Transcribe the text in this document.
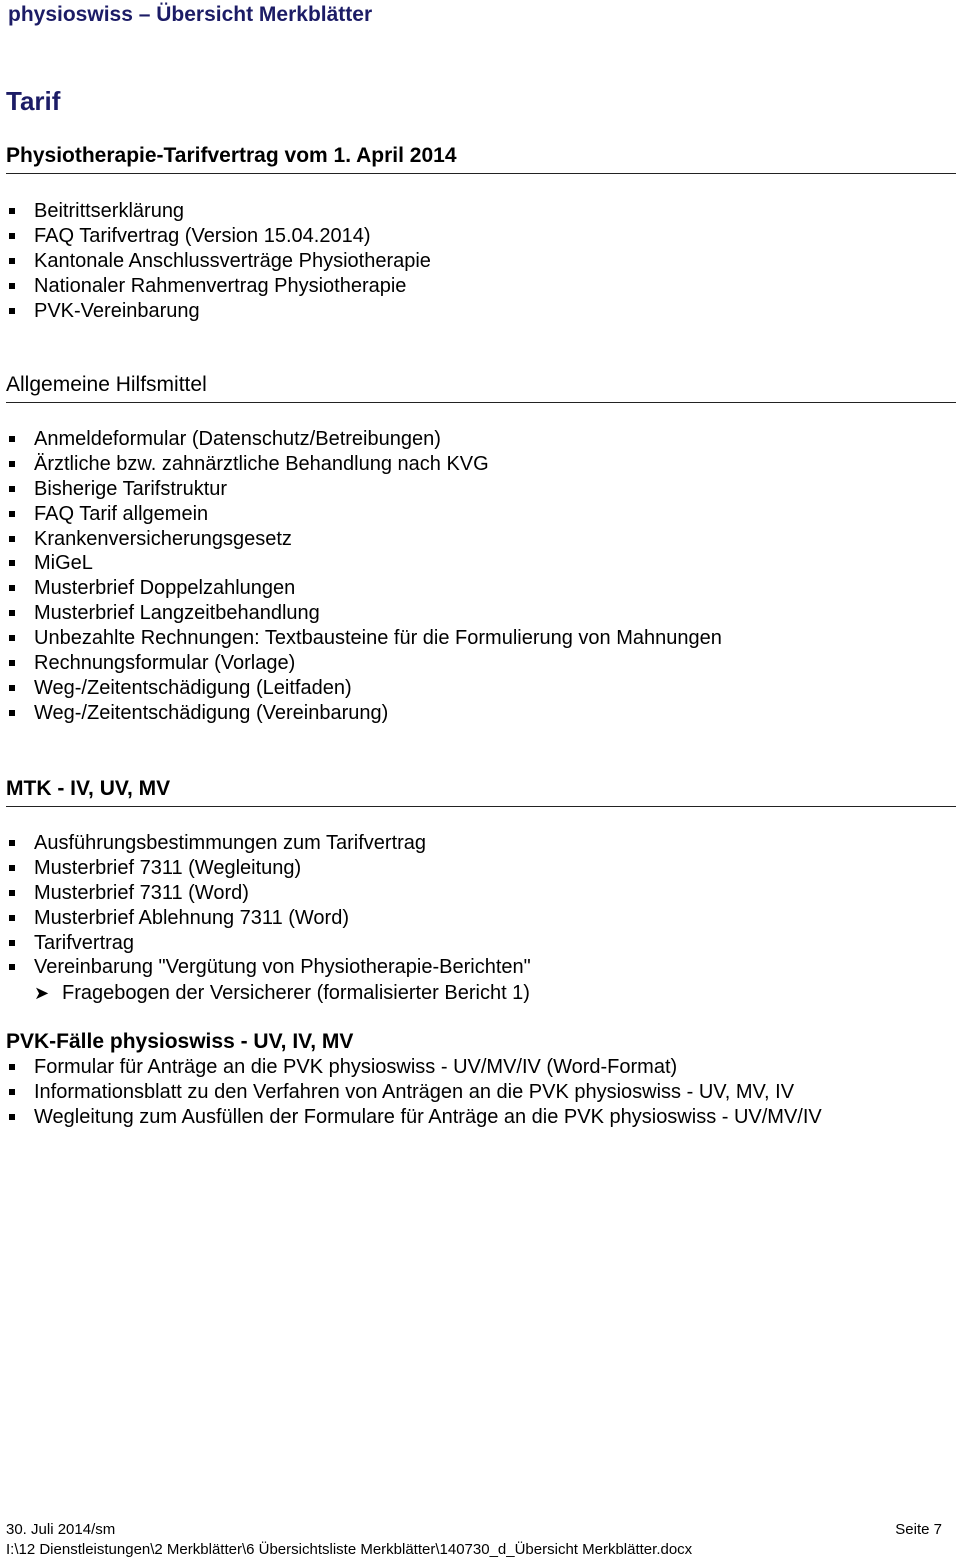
physioswiss – Übersicht Merkblätter
Tarif
Physiotherapie-Tarifvertrag vom 1. April 2014
Beitrittserklärung
FAQ Tarifvertrag (Version 15.04.2014)
Kantonale Anschlussverträge Physiotherapie
Nationaler Rahmenvertrag Physiotherapie
PVK-Vereinbarung
Allgemeine Hilfsmittel
Anmeldeformular (Datenschutz/Betreibungen)
Ärztliche bzw. zahnärztliche Behandlung nach KVG
Bisherige Tarifstruktur
FAQ Tarif allgemein
Krankenversicherungsgesetz
MiGeL
Musterbrief Doppelzahlungen
Musterbrief Langzeitbehandlung
Unbezahlte Rechnungen: Textbausteine für die Formulierung von Mahnungen
Rechnungsformular (Vorlage)
Weg-/Zeitentschädigung (Leitfaden)
Weg-/Zeitentschädigung (Vereinbarung)
MTK - IV, UV, MV
Ausführungsbestimmungen zum Tarifvertrag
Musterbrief 7311 (Wegleitung)
Musterbrief 7311 (Word)
Musterbrief Ablehnung 7311 (Word)
Tarifvertrag
Vereinbarung "Vergütung von Physiotherapie-Berichten"
➤ Fragebogen der Versicherer (formalisierter Bericht 1)
PVK-Fälle physioswiss - UV, IV, MV
Formular für Anträge an die PVK physioswiss - UV/MV/IV (Word-Format)
Informationsblatt zu den Verfahren von Anträgen an die PVK physioswiss - UV, MV, IV
Wegleitung zum Ausfüllen der Formulare für Anträge an die PVK physioswiss - UV/MV/IV
30. Juli 2014/sm	Seite 7
I:\12 Dienstleistungen\2 Merkblätter\6 Übersichtsliste Merkblätter\140730_d_Übersicht Merkblätter.docx
